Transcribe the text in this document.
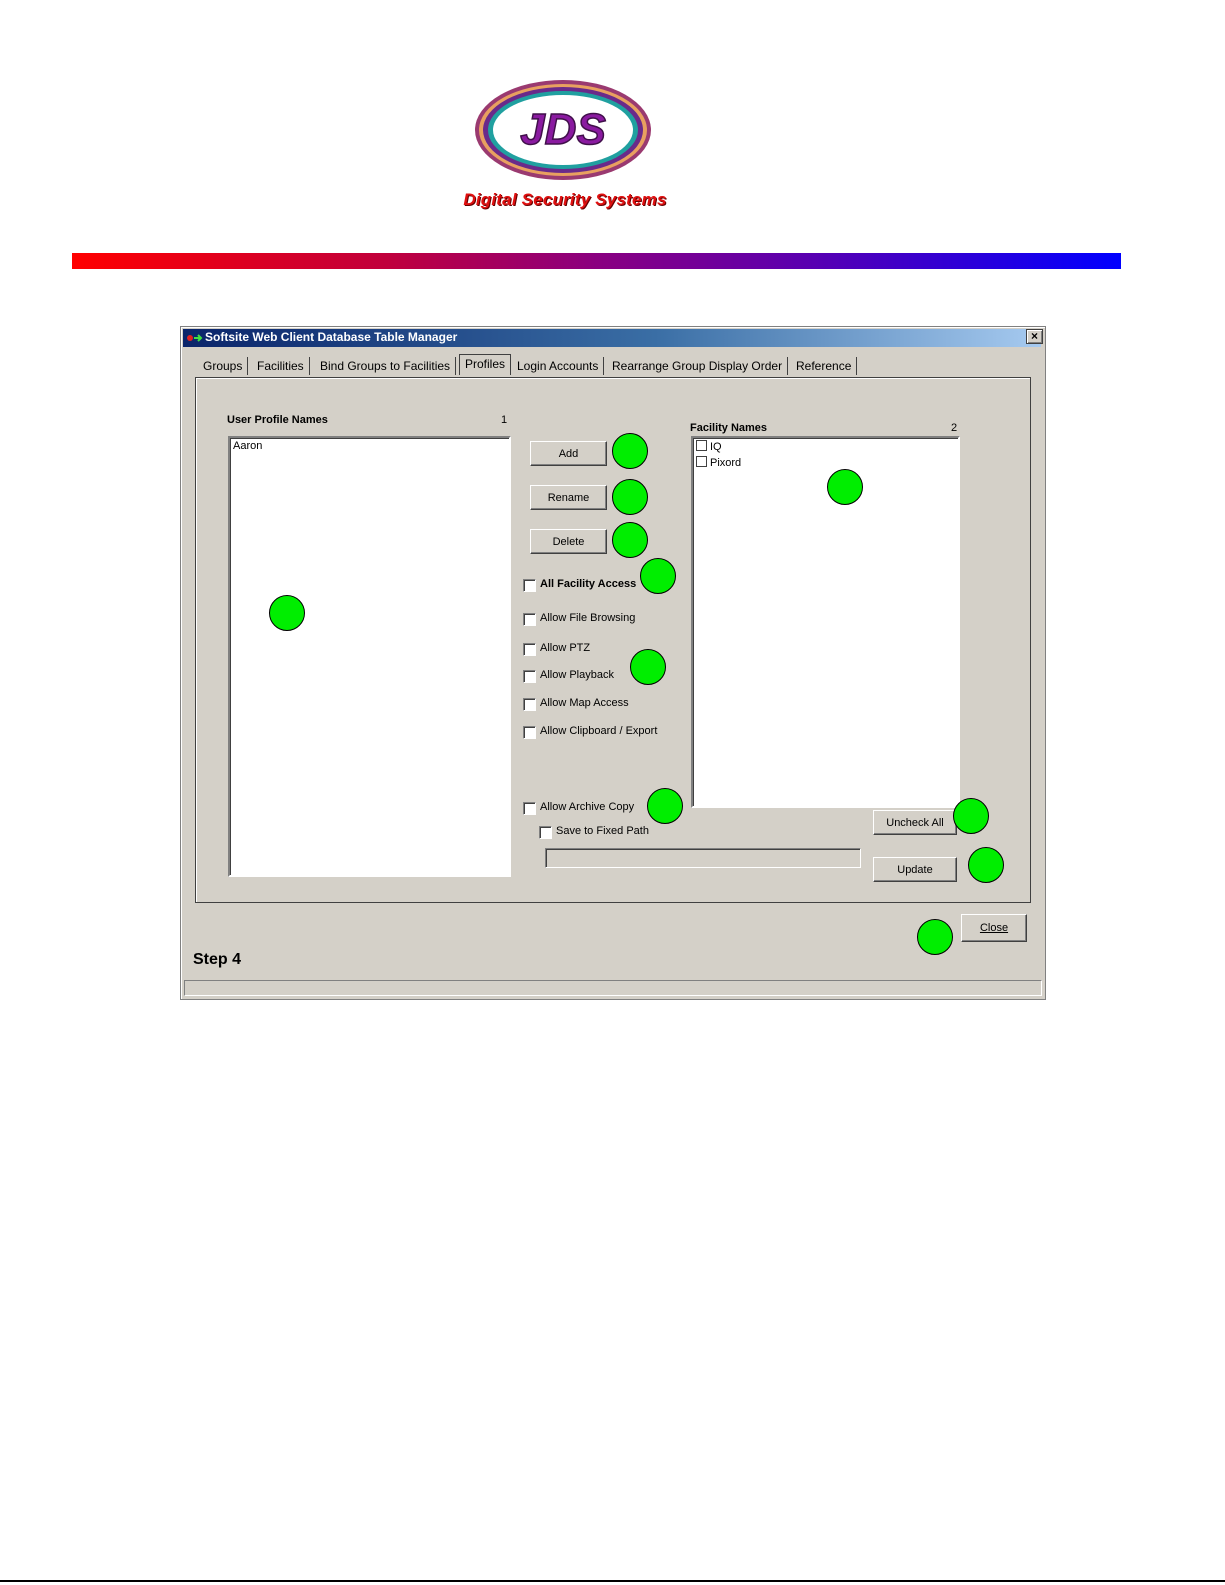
JDS
Digital Security Systems
Softsite Web Client Database Table Manager	×
Groups	Facilities	Bind Groups to Facilities	Profiles Login Accounts	Rearrange Group Display Order	Reference
User Profile Names	1
Aaron
Add
Rename
Delete
All Facility Access
Allow File Browsing
Allow PTZ
Allow Playback
Allow Map Access
Allow Clipboard / Export
Allow Archive Copy
Save to Fixed Path
Facility Names	2
IQ
Pixord
Uncheck All
Update
Close
Step 4
